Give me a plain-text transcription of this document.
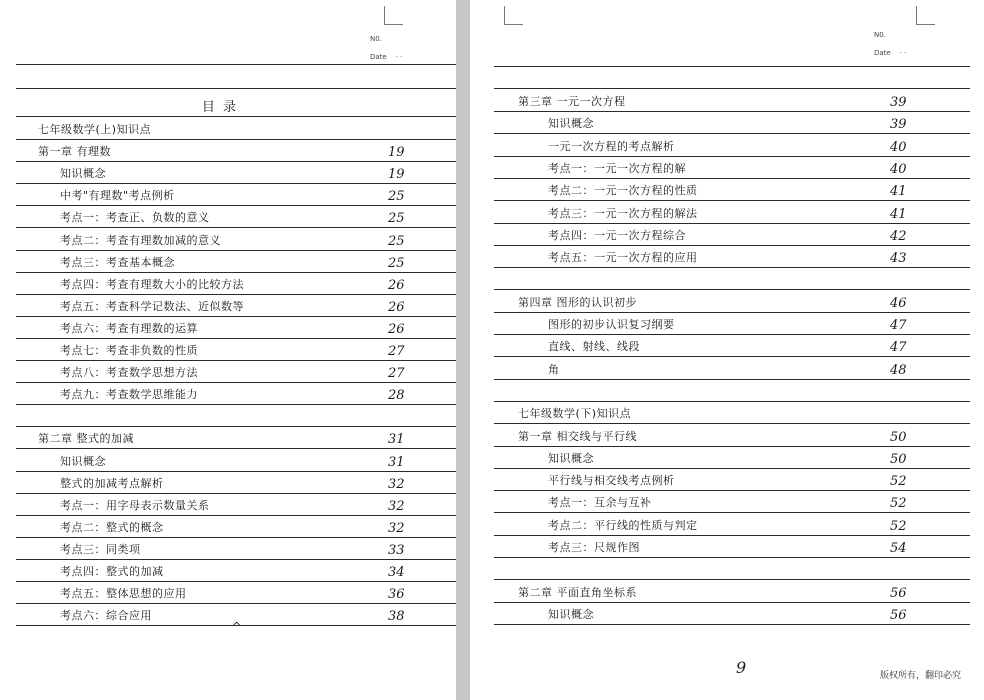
N0.
Date · ·
目 录
七年级数学(上)知识点
第一章 有理数	19
知识概念	19
中考"有理数"考点例析	25
考点一：考查正、负数的意义	25
考点二：考查有理数加减的意义	25
考点三：考查基本概念	25
考点四：考查有理数大小的比较方法	26
考点五：考查科学记数法、近似数等	26
考点六：考查有理数的运算	26
考点七：考查非负数的性质	27
考点八：考查数学思想方法	27
考点九：考查数学思维能力	28
第二章 整式的加减	31
知识概念	31
整式的加减考点解析	32
考点一：用字母表示数量关系	32
考点二：整式的概念	32
考点三：同类项	33
考点四：整式的加减	34
考点五：整体思想的应用	36
考点六：综合应用	38
^
N0.
Date · ·
第三章 一元一次方程	39
知识概念	39
一元一次方程的考点解析	40
考点一：一元一次方程的解	40
考点二：一元一次方程的性质	41
考点三：一元一次方程的解法	41
考点四：一元一次方程综合	42
考点五：一元一次方程的应用	43
第四章 图形的认识初步	46
图形的初步认识复习纲要	47
直线、射线、线段	47
角	48
七年级数学(下)知识点
第一章 相交线与平行线	50
知识概念	50
平行线与相交线考点例析	52
考点一：互余与互补	52
考点二：平行线的性质与判定	52
考点三：尺规作图	54
第二章 平面直角坐标系	56
知识概念	56
9	版权所有，翻印必究
